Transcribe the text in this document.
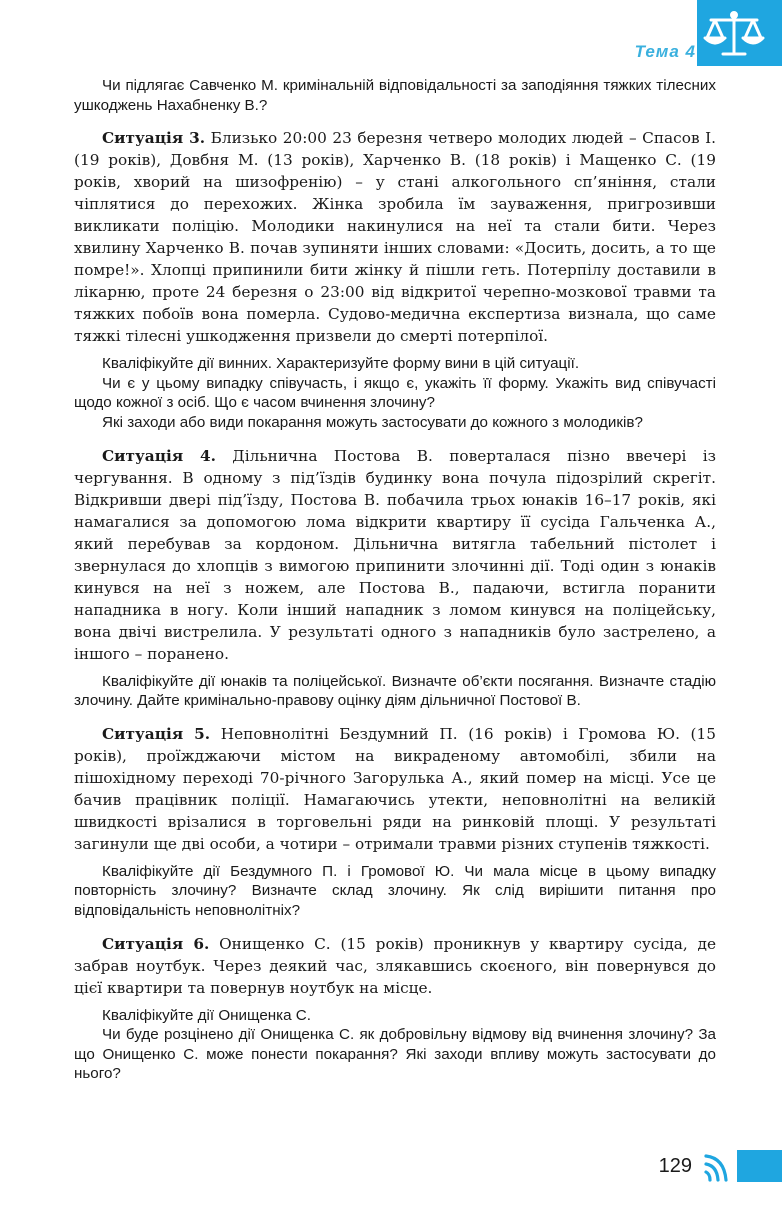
Тема 4

Чи підлягає Савченко М. кримінальній відповідальності за заподіяння тяжких тілесних ушкоджень Нахабненку В.?

Ситуація 3. Близько 20:00 23 березня четверо молодих людей – Спасов І. (19 років), Довбня М. (13 років), Харченко В. (18 років) і Мащенко С. (19 років, хворий на шизофренію) – у стані алкогольного сп’яніння, стали чіплятися до перехожих. Жінка зробила їм зауваження, пригрозивши викликати поліцію. Молодики накинулися на неї та стали бити. Через хвилину Харченко В. почав зупиняти інших словами: «Досить, досить, а то ще помре!». Хлопці припинили бити жінку й пішли геть. Потерпілу доставили в лікарню, проте 24 березня о 23:00 від відкритої черепно-мозкової травми та тяжких побоїв вона померла. Судово-медична експертиза визнала, що саме тяжкі тілесні ушкодження призвели до смерті потерпілої.

Кваліфікуйте дії винних. Характеризуйте форму вини в цій ситуації.

Чи є у цьому випадку співучасть, і якщо є, укажіть її форму. Укажіть вид співучасті щодо кожної з осіб. Що є часом вчинення злочину?

Які заходи або види покарання можуть застосувати до кожного з молодиків?

Ситуація 4. Дільнична Постова В. поверталася пізно ввечері із чергування. В одному з під’їздів будинку вона почула підозрілий скрегіт. Відкривши двері під’їзду, Постова В. побачила трьох юнаків 16–17 років, які намагалися за допомогою лома відкрити квартиру її сусіда Гальченка А., який перебував за кордоном. Дільнична витягла табельний пістолет і звернулася до хлопців з вимогою припинити злочинні дії. Тоді один з юнаків кинувся на неї з ножем, але Постова В., падаючи, встигла поранити нападника в ногу. Коли інший нападник з ломом кинувся на поліцейську, вона двічі вистрелила. У результаті одного з нападників було застрелено, а іншого – поранено.

Кваліфікуйте дії юнаків та поліцейської. Визначте об’єкти посягання. Визначте стадію злочину. Дайте кримінально-правову оцінку діям дільничної Постової В.

Ситуація 5. Неповнолітні Бездумний П. (16 років) і Громова Ю. (15 років), проїжджаючи містом на викраденому автомобілі, збили на пішохідному переході 70-річного Загорулька А., який помер на місці. Усе це бачив працівник поліції. Намагаючись утекти, неповнолітні на великій швидкості врізалися в торговельні ряди на ринковій площі. У результаті загинули ще дві особи, а чотири – отримали травми різних ступенів тяжкості.

Кваліфікуйте дії Бездумного П. і Громової Ю. Чи мала місце в цьому випадку повторність злочину? Визначте склад злочину. Як слід вирішити питання про відповідальність неповнолітніх?

Ситуація 6. Онищенко С. (15 років) проникнув у квартиру сусіда, де забрав ноутбук. Через деякий час, злякавшись скоєного, він повернувся до цієї квартири та повернув ноутбук на місце.

Кваліфікуйте дії Онищенка С.

Чи буде розцінено дії Онищенка С. як добровільну відмову від вчинення злочину? За що Онищенко С. може понести покарання? Які заходи впливу можуть застосувати до нього?

129
